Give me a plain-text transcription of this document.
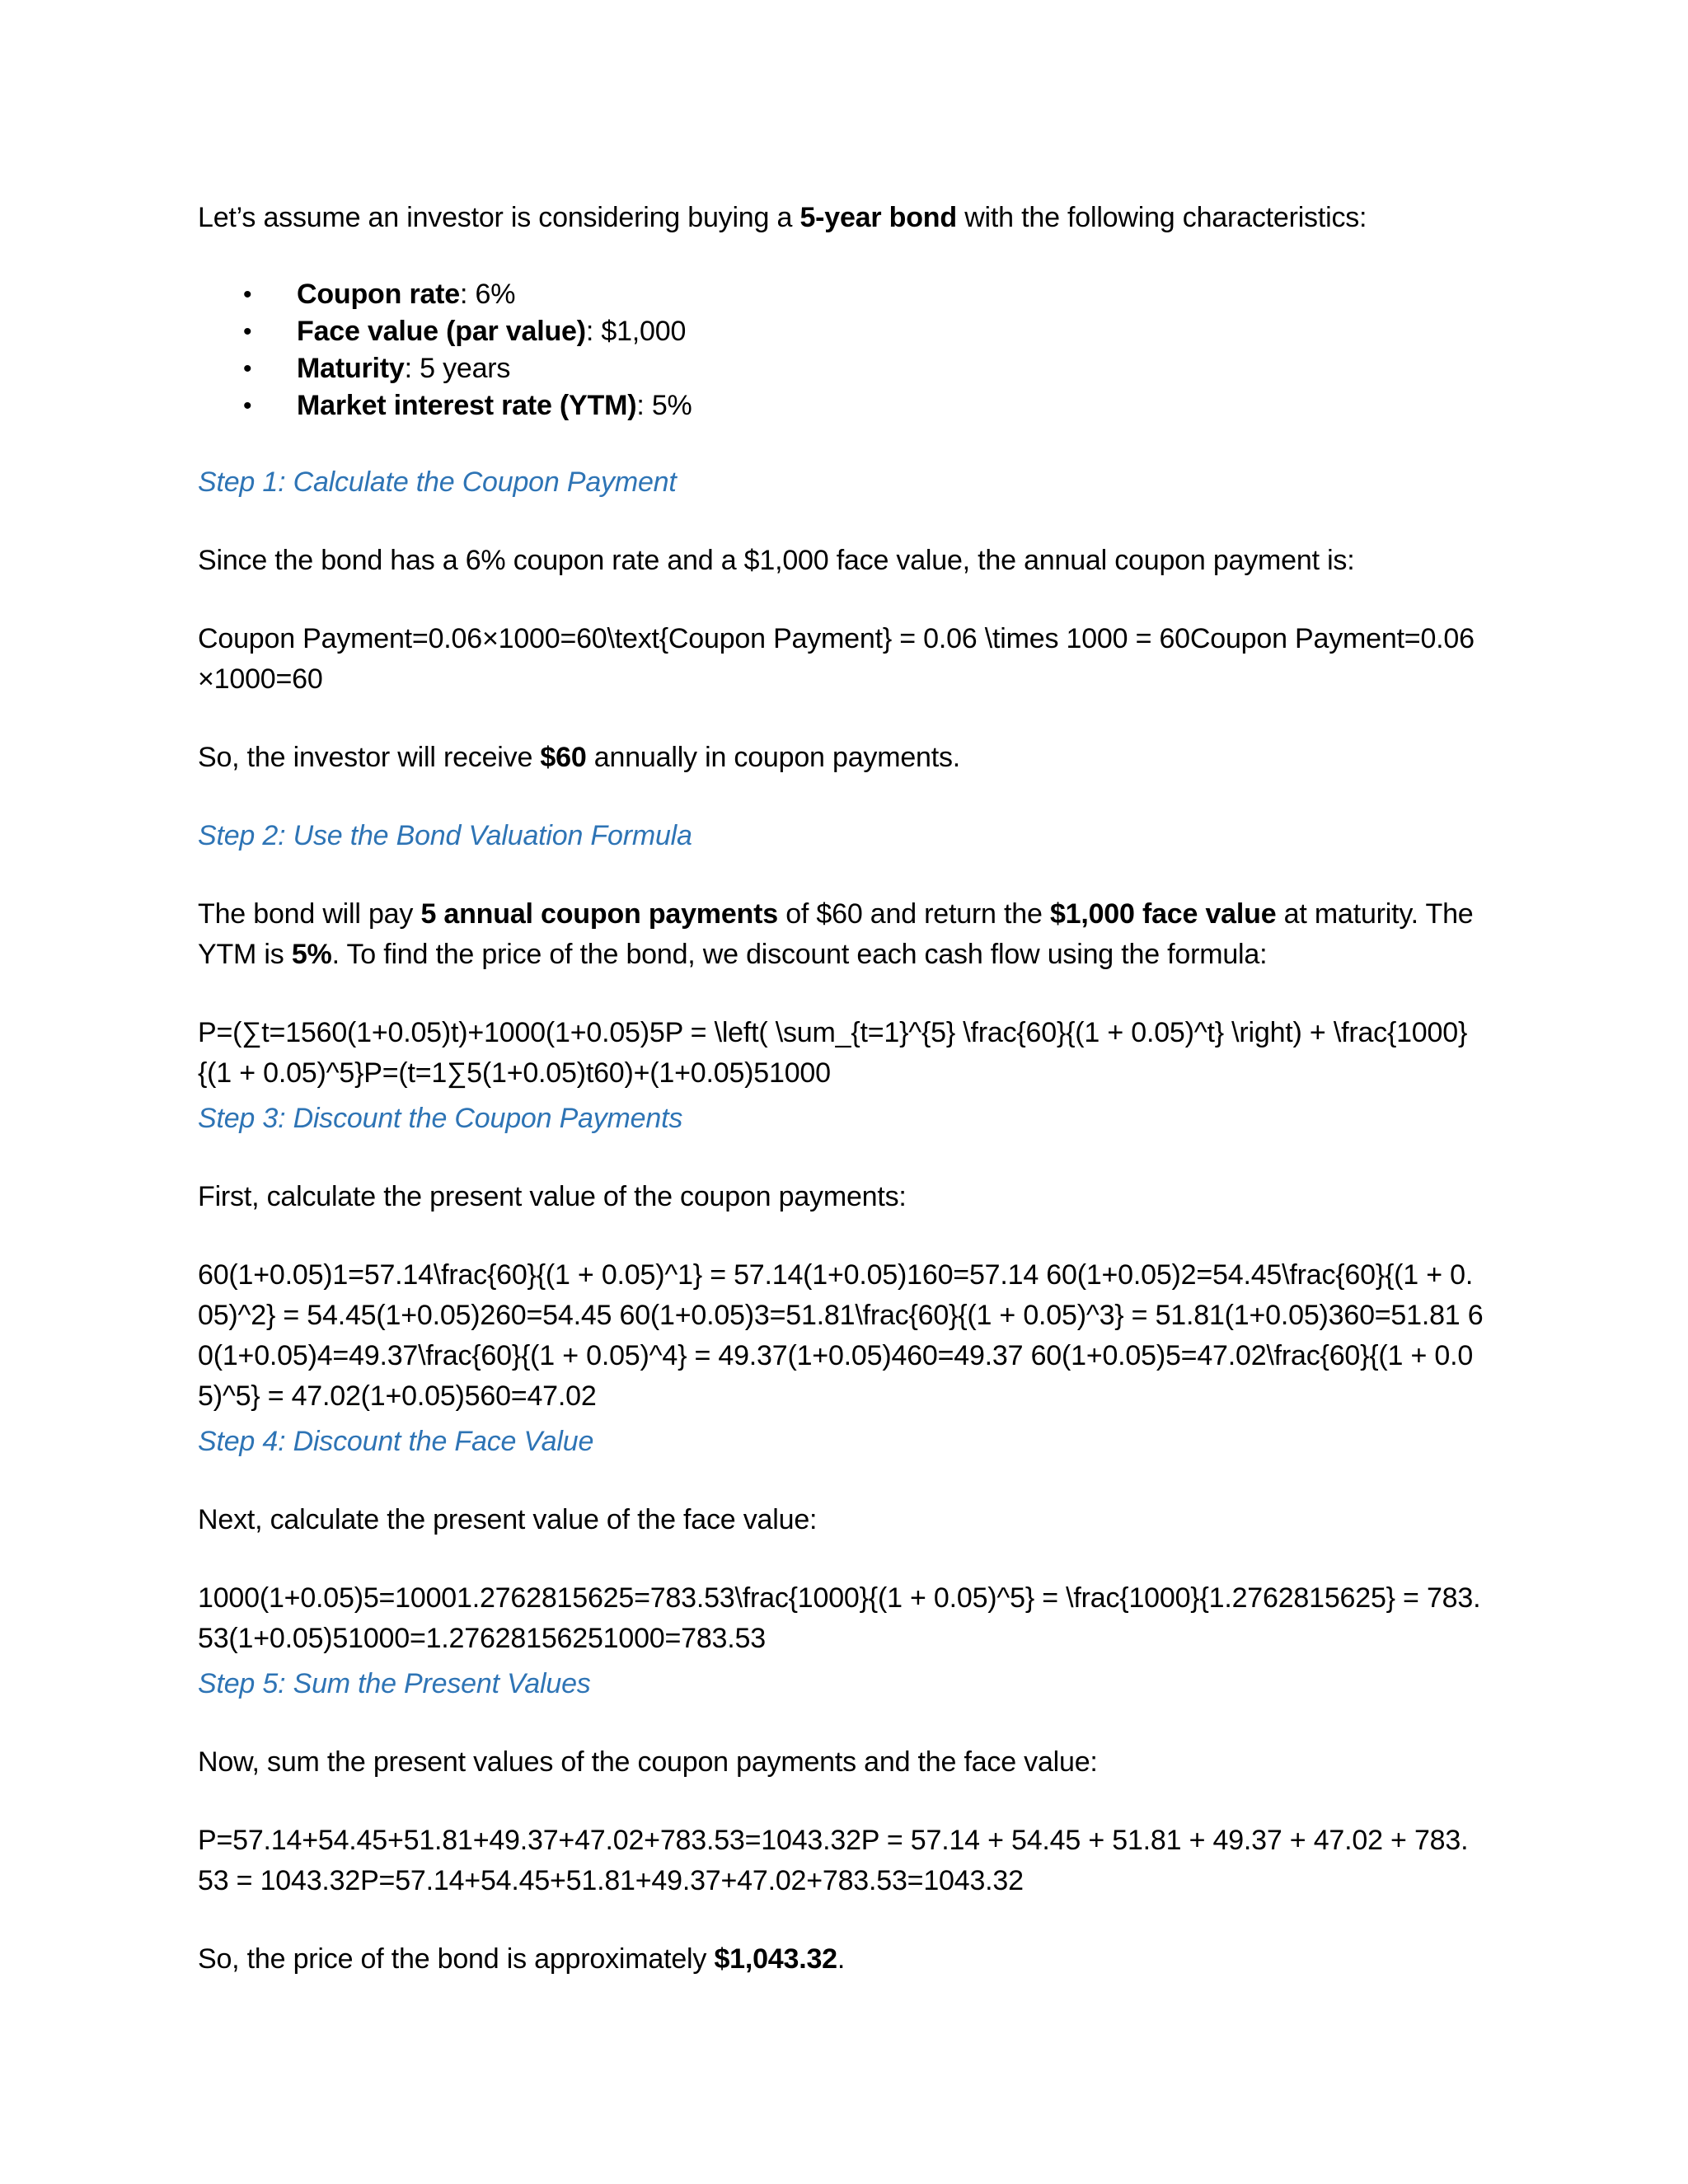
Let’s assume an investor is considering buying a 5-year bond with the following characteristics:

• Coupon rate: 6%
• Face value (par value): $1,000
• Maturity: 5 years
• Market interest rate (YTM): 5%

Step 1: Calculate the Coupon Payment

Since the bond has a 6% coupon rate and a $1,000 face value, the annual coupon payment is:

Coupon Payment=0.06×1000=60\text{Coupon Payment} = 0.06 \times 1000 = 60Coupon Payment=0.06×1000=60

So, the investor will receive $60 annually in coupon payments.

Step 2: Use the Bond Valuation Formula

The bond will pay 5 annual coupon payments of $60 and return the $1,000 face value at maturity. The YTM is 5%. To find the price of the bond, we discount each cash flow using the formula:

P=(∑t=1560(1+0.05)t)+1000(1+0.05)5P = \left( \sum_{t=1}^{5} \frac{60}{(1 + 0.05)^t} \right) + \frac{1000}{(1 + 0.05)^5}P=(t=1∑5(1+0.05)t60)+(1+0.05)51000

Step 3: Discount the Coupon Payments

First, calculate the present value of the coupon payments:

60(1+0.05)1=57.14\frac{60}{(1 + 0.05)^1} = 57.14(1+0.05)160=57.14 60(1+0.05)2=54.45\frac{60}{(1 + 0.05)^2} = 54.45(1+0.05)260=54.45 60(1+0.05)3=51.81\frac{60}{(1 + 0.05)^3} = 51.81(1+0.05)360=51.81 60(1+0.05)4=49.37\frac{60}{(1 + 0.05)^4} = 49.37(1+0.05)460=49.37 60(1+0.05)5=47.02\frac{60}{(1 + 0.05)^5} = 47.02(1+0.05)560=47.02

Step 4: Discount the Face Value

Next, calculate the present value of the face value:

1000(1+0.05)5=10001.2762815625=783.53\frac{1000}{(1 + 0.05)^5} = \frac{1000}{1.2762815625} = 783.53(1+0.05)51000=1.27628156251000=783.53

Step 5: Sum the Present Values

Now, sum the present values of the coupon payments and the face value:

P=57.14+54.45+51.81+49.37+47.02+783.53=1043.32P = 57.14 + 54.45 + 51.81 + 49.37 + 47.02 + 783.53 = 1043.32P=57.14+54.45+51.81+49.37+47.02+783.53=1043.32

So, the price of the bond is approximately $1,043.32.
